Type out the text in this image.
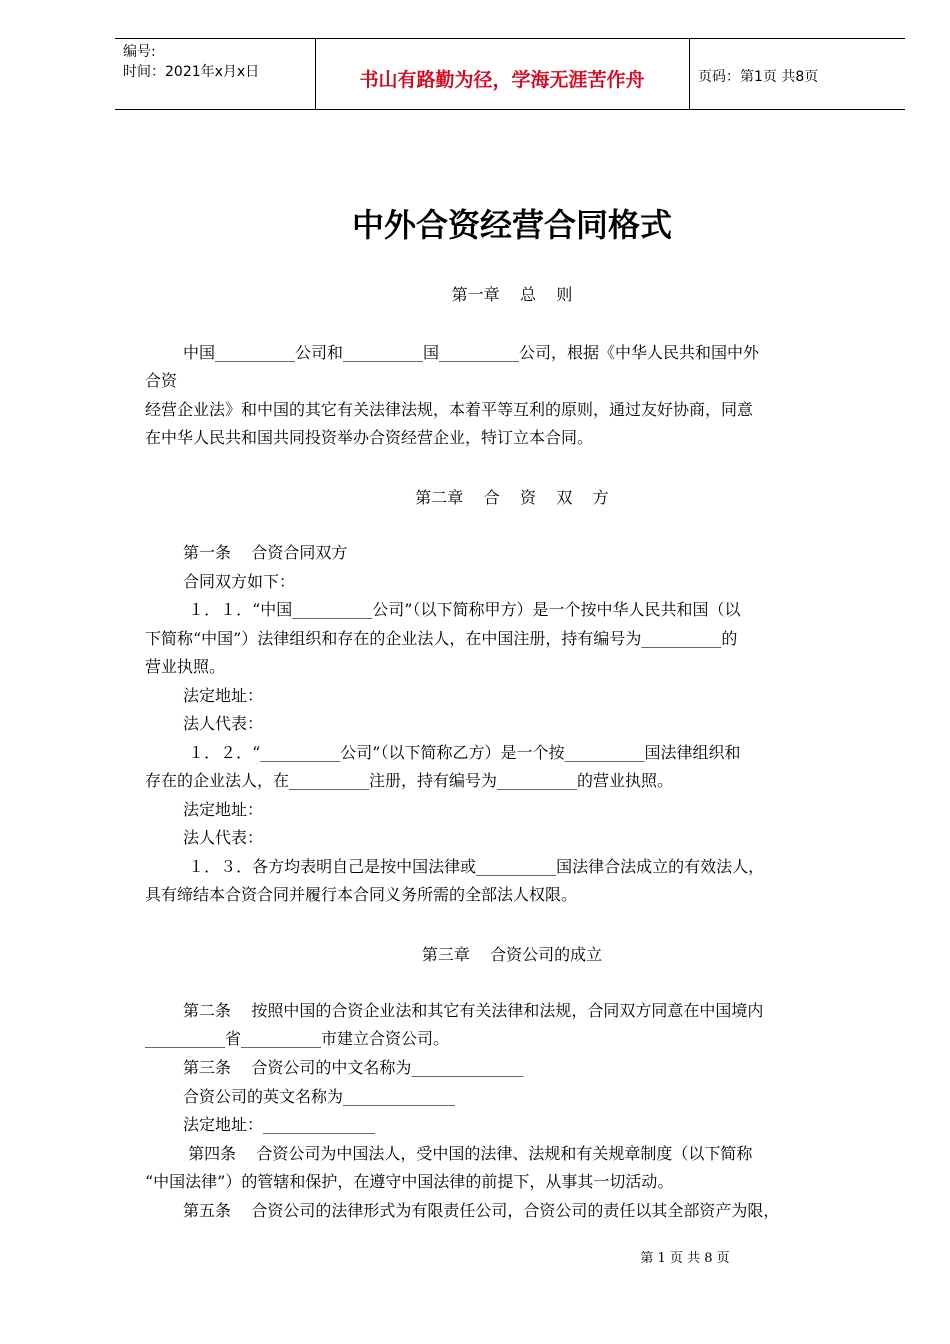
编号:
时间：2021年x月x日	书山有路勤为径，学海无涯苦作舟	页码：第1页 共8页
中外合资经营合同格式
第一章    总    则
中国__________公司和__________国__________公司，根据《中华人民共和国中外
合资
经营企业法》和中国的其它有关法律法规，本着平等互利的原则，通过友好协商，同意
在中华人民共和国共同投资举办合资经营企业，特订立本合同。
第一条    合资合同双方
合同双方如下：
１．１．“中国__________公司”（以下简称甲方）是一个按中华人民共和国（以
下简称“中国”）法律组织和存在的企业法人，在中国注册，持有编号为__________的
营业执照。
法定地址：
法人代表：
１．２．“__________公司”（以下简称乙方）是一个按__________国法律组织和
存在的企业法人，在__________注册，持有编号为__________的营业执照。
法定地址：
法人代表：
１．３．各方均表明自己是按中国法律或__________国法律合法成立的有效法人，
具有缔结本合资合同并履行本合同义务所需的全部法人权限。
第二条    按照中国的合资企业法和其它有关法律和法规，合同双方同意在中国境内
__________省__________市建立合资公司。
第三条    合资公司的中文名称为______________
合资公司的英文名称为______________
法定地址：______________
第四条    合资公司为中国法人，受中国的法律、法规和有关规章制度（以下简称
“中国法律”）的管辖和保护，在遵守中国法律的前提下，从事其一切活动。
第五条    合资公司的法律形式为有限责任公司，合资公司的责任以其全部资产为限，
第二章    合    资    双    方
第三章    合资公司的成立
第 1 页 共 8 页
